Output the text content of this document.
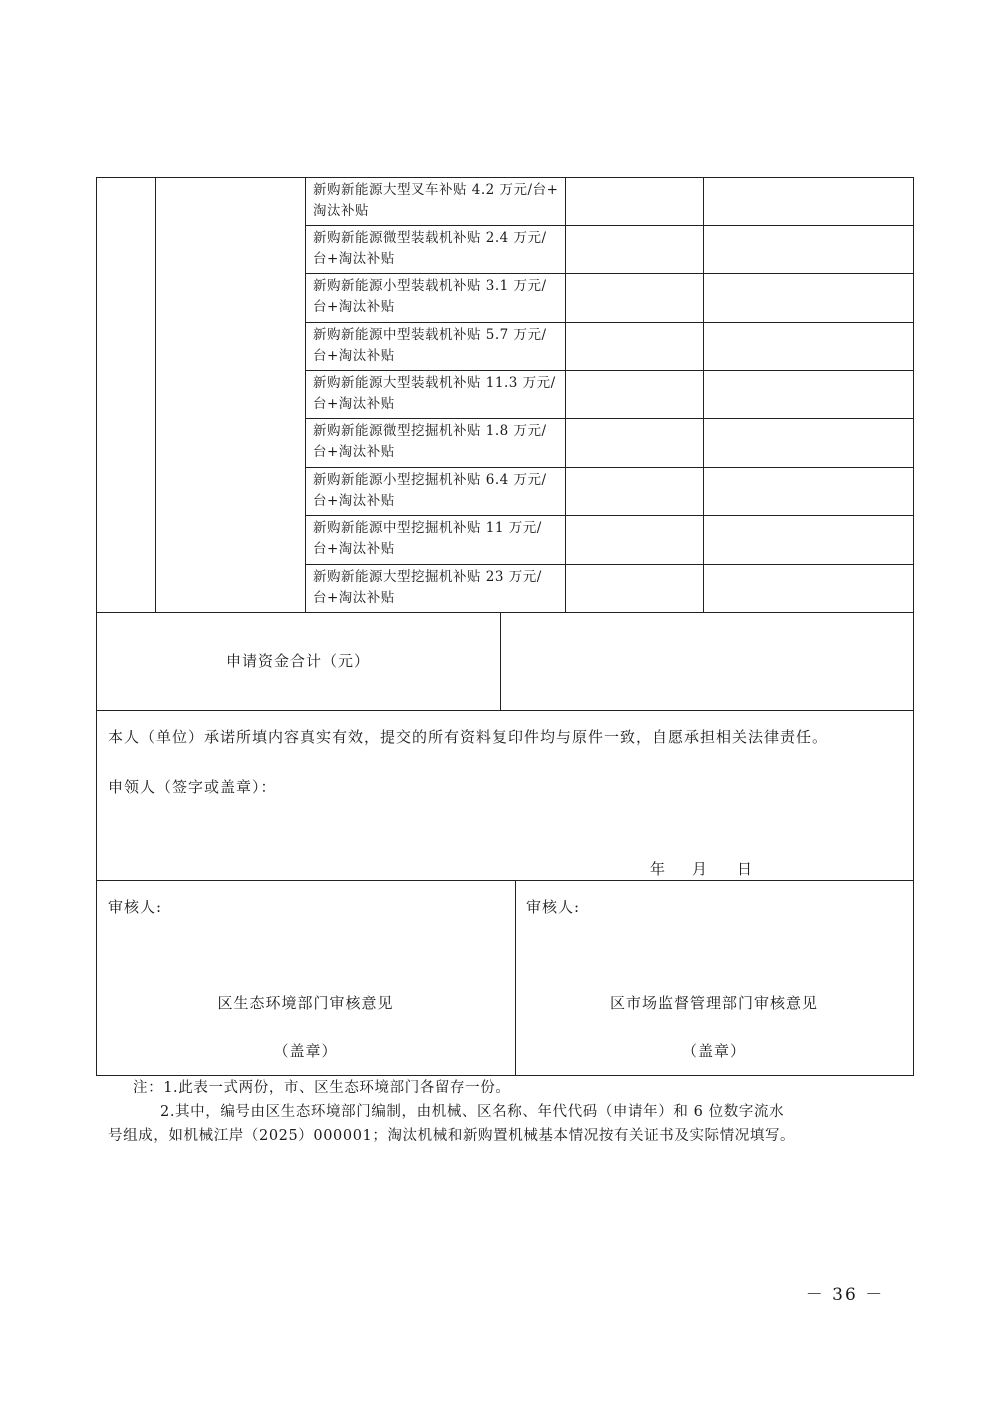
新购新能源大型叉车补贴 4.2 万元/台+
淘汰补贴
新购新能源微型装载机补贴 2.4 万元/
台+淘汰补贴
新购新能源小型装载机补贴 3.1 万元/
台+淘汰补贴
新购新能源中型装载机补贴 5.7 万元/
台+淘汰补贴
新购新能源大型装载机补贴 11.3 万元/
台+淘汰补贴
新购新能源微型挖掘机补贴 1.8 万元/
台+淘汰补贴
新购新能源小型挖掘机补贴 6.4 万元/
台+淘汰补贴
新购新能源中型挖掘机补贴 11 万元/
台+淘汰补贴
新购新能源大型挖掘机补贴 23 万元/
台+淘汰补贴
申请资金合计（元）
本人（单位）承诺所填内容真实有效，提交的所有资料复印件均与原件一致，自愿承担相关法律责任。
申领人（签字或盖章）：
年 月 日
审核人:
区生态环境部门审核意见
（盖章）
审核人:
区市场监督管理部门审核意见
（盖章）
注：1.此表一式两份，市、区生态环境部门各留存一份。
2.其中，编号由区生态环境部门编制，由机械、区名称、年代代码（申请年）和 6 位数字流水
号组成，如机械江岸（2025）000001；淘汰机械和新购置机械基本情况按有关证书及实际情况填写。
－ 36 －
